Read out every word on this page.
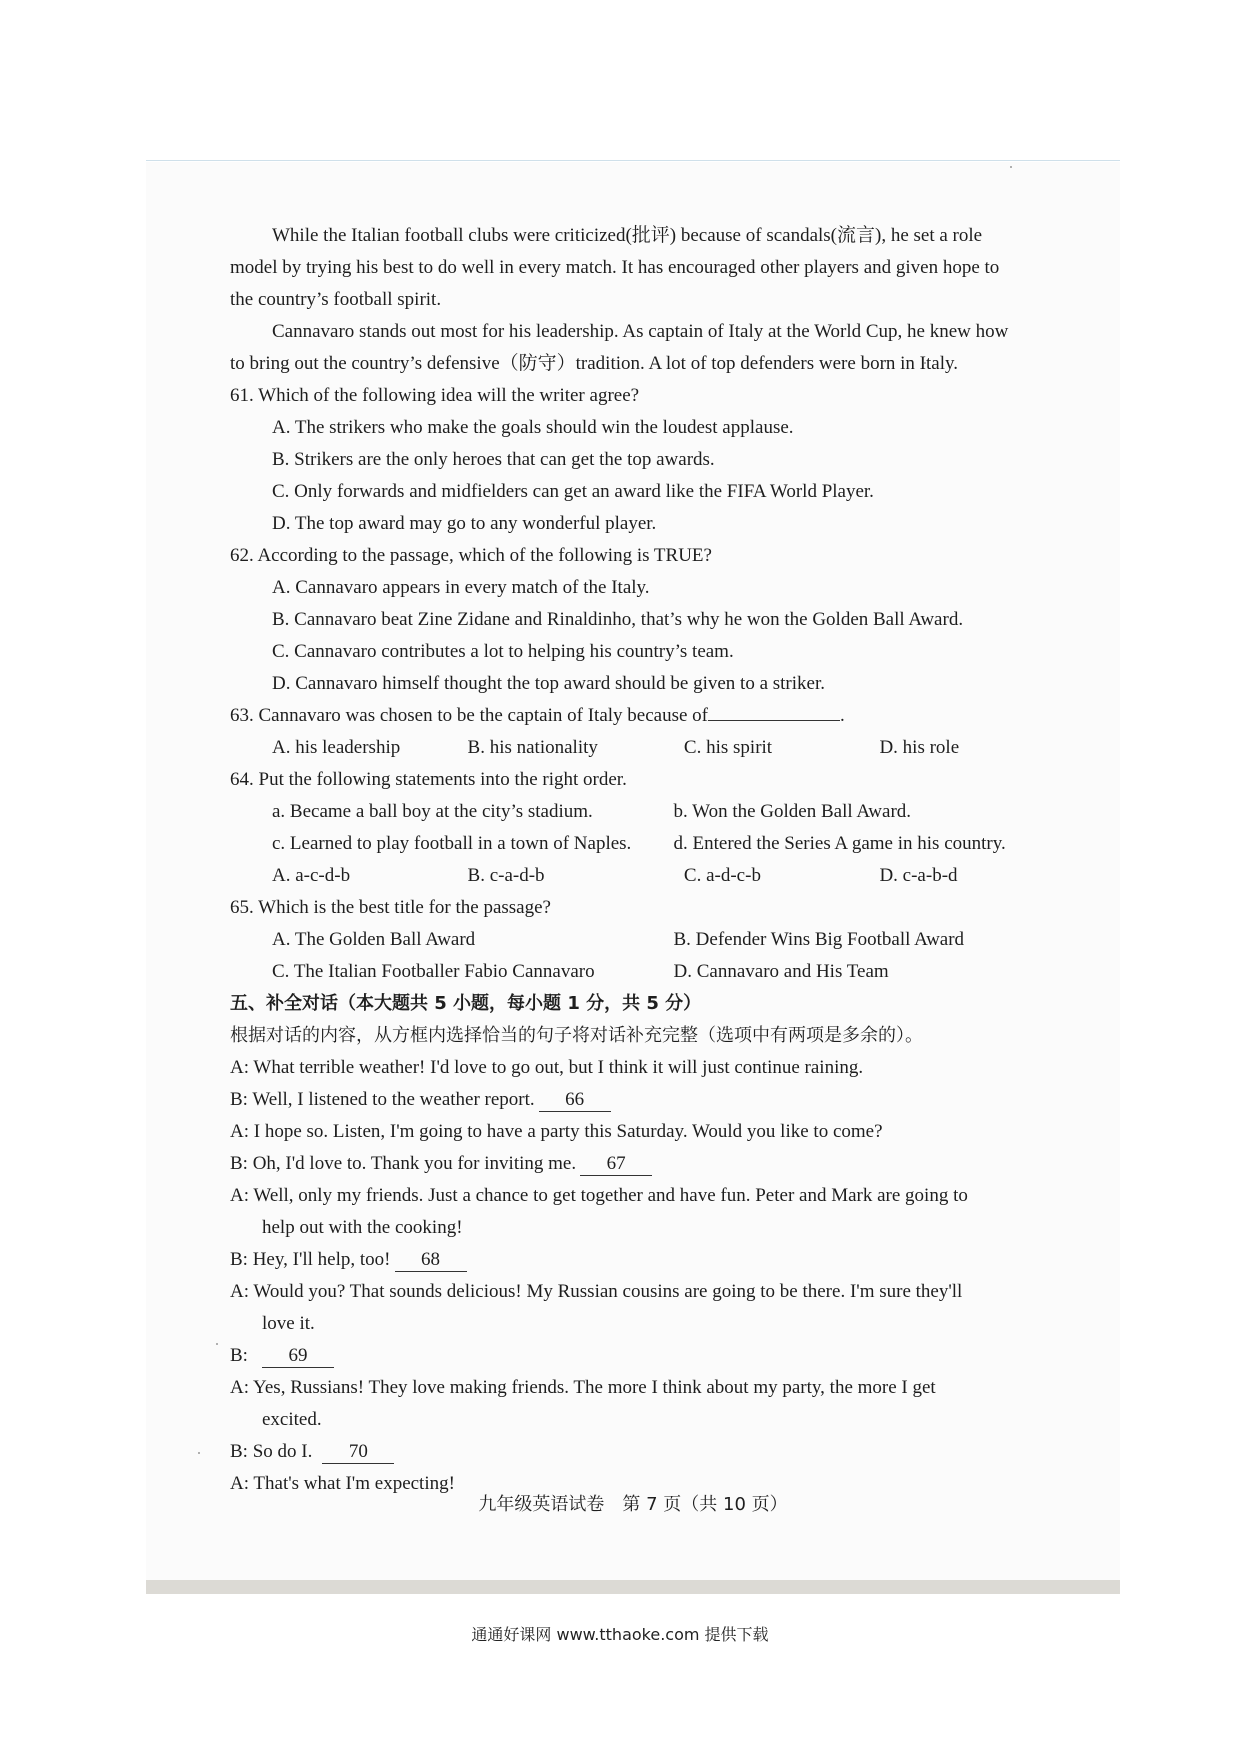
While the Italian football clubs were criticized(批评) because of scandals(流言), he set a role

model by trying his best to do well in every match. It has encouraged other players and given hope to

the country’s football spirit.

Cannavaro stands out most for his leadership. As captain of Italy at the World Cup, he knew how

to bring out the country’s defensive（防守）tradition. A lot of top defenders were born in Italy.

61. Which of the following idea will the writer agree?

A. The strikers who make the goals should win the loudest applause.

B. Strikers are the only heroes that can get the top awards.

C. Only forwards and midfielders can get an award like the FIFA World Player.

D. The top award may go to any wonderful player.

62. According to the passage, which of the following is TRUE?

A. Cannavaro appears in every match of the Italy.

B. Cannavaro beat Zine Zidane and Rinaldinho, that’s why he won the Golden Ball Award.

C. Cannavaro contributes a lot to helping his country’s team.

D. Cannavaro himself thought the top award should be given to a striker.

63. Cannavaro was chosen to be the captain of Italy because of	.

A. his leadership	B. his nationality	C. his spirit	D. his role

64. Put the following statements into the right order.

a. Became a ball boy at the city’s stadium.	b. Won the Golden Ball Award.
c. Learned to play football in a town of Naples.	d. Entered the Series A game in his country.
A. a-c-d-b	B. c-a-d-b	C. a-d-c-b	D. c-a-b-d

65. Which is the best title for the passage?

A. The Golden Ball Award	B. Defender Wins Big Football Award
C. The Italian Footballer Fabio Cannavaro	D. Cannavaro and His Team

五、补全对话（本大题共 5 小题，每小题 1 分，共 5 分）

根据对话的内容，从方框内选择恰当的句子将对话补充完整（选项中有两项是多余的）。

A: What terrible weather! I'd love to go out, but I think it will just continue raining.

B: Well, I listened to the weather report. 66

A: I hope so. Listen, I'm going to have a party this Saturday. Would you like to come?

B: Oh, I'd love to. Thank you for inviting me. 67

A: Well, only my friends. Just a chance to get together and have fun. Peter and Mark are going to

help out with the cooking!

B: Hey, I'll help, too! 68

A: Would you? That sounds delicious! My Russian cousins are going to be there. I'm sure they'll

love it.

B: 69

A: Yes, Russians! They love making friends. The more I think about my party, the more I get

excited.

B: So do I. 70

A: That's what I'm expecting!

九年级英语试卷　第 7 页（共 10 页）
通通好课网 www.tthaoke.com 提供下载
